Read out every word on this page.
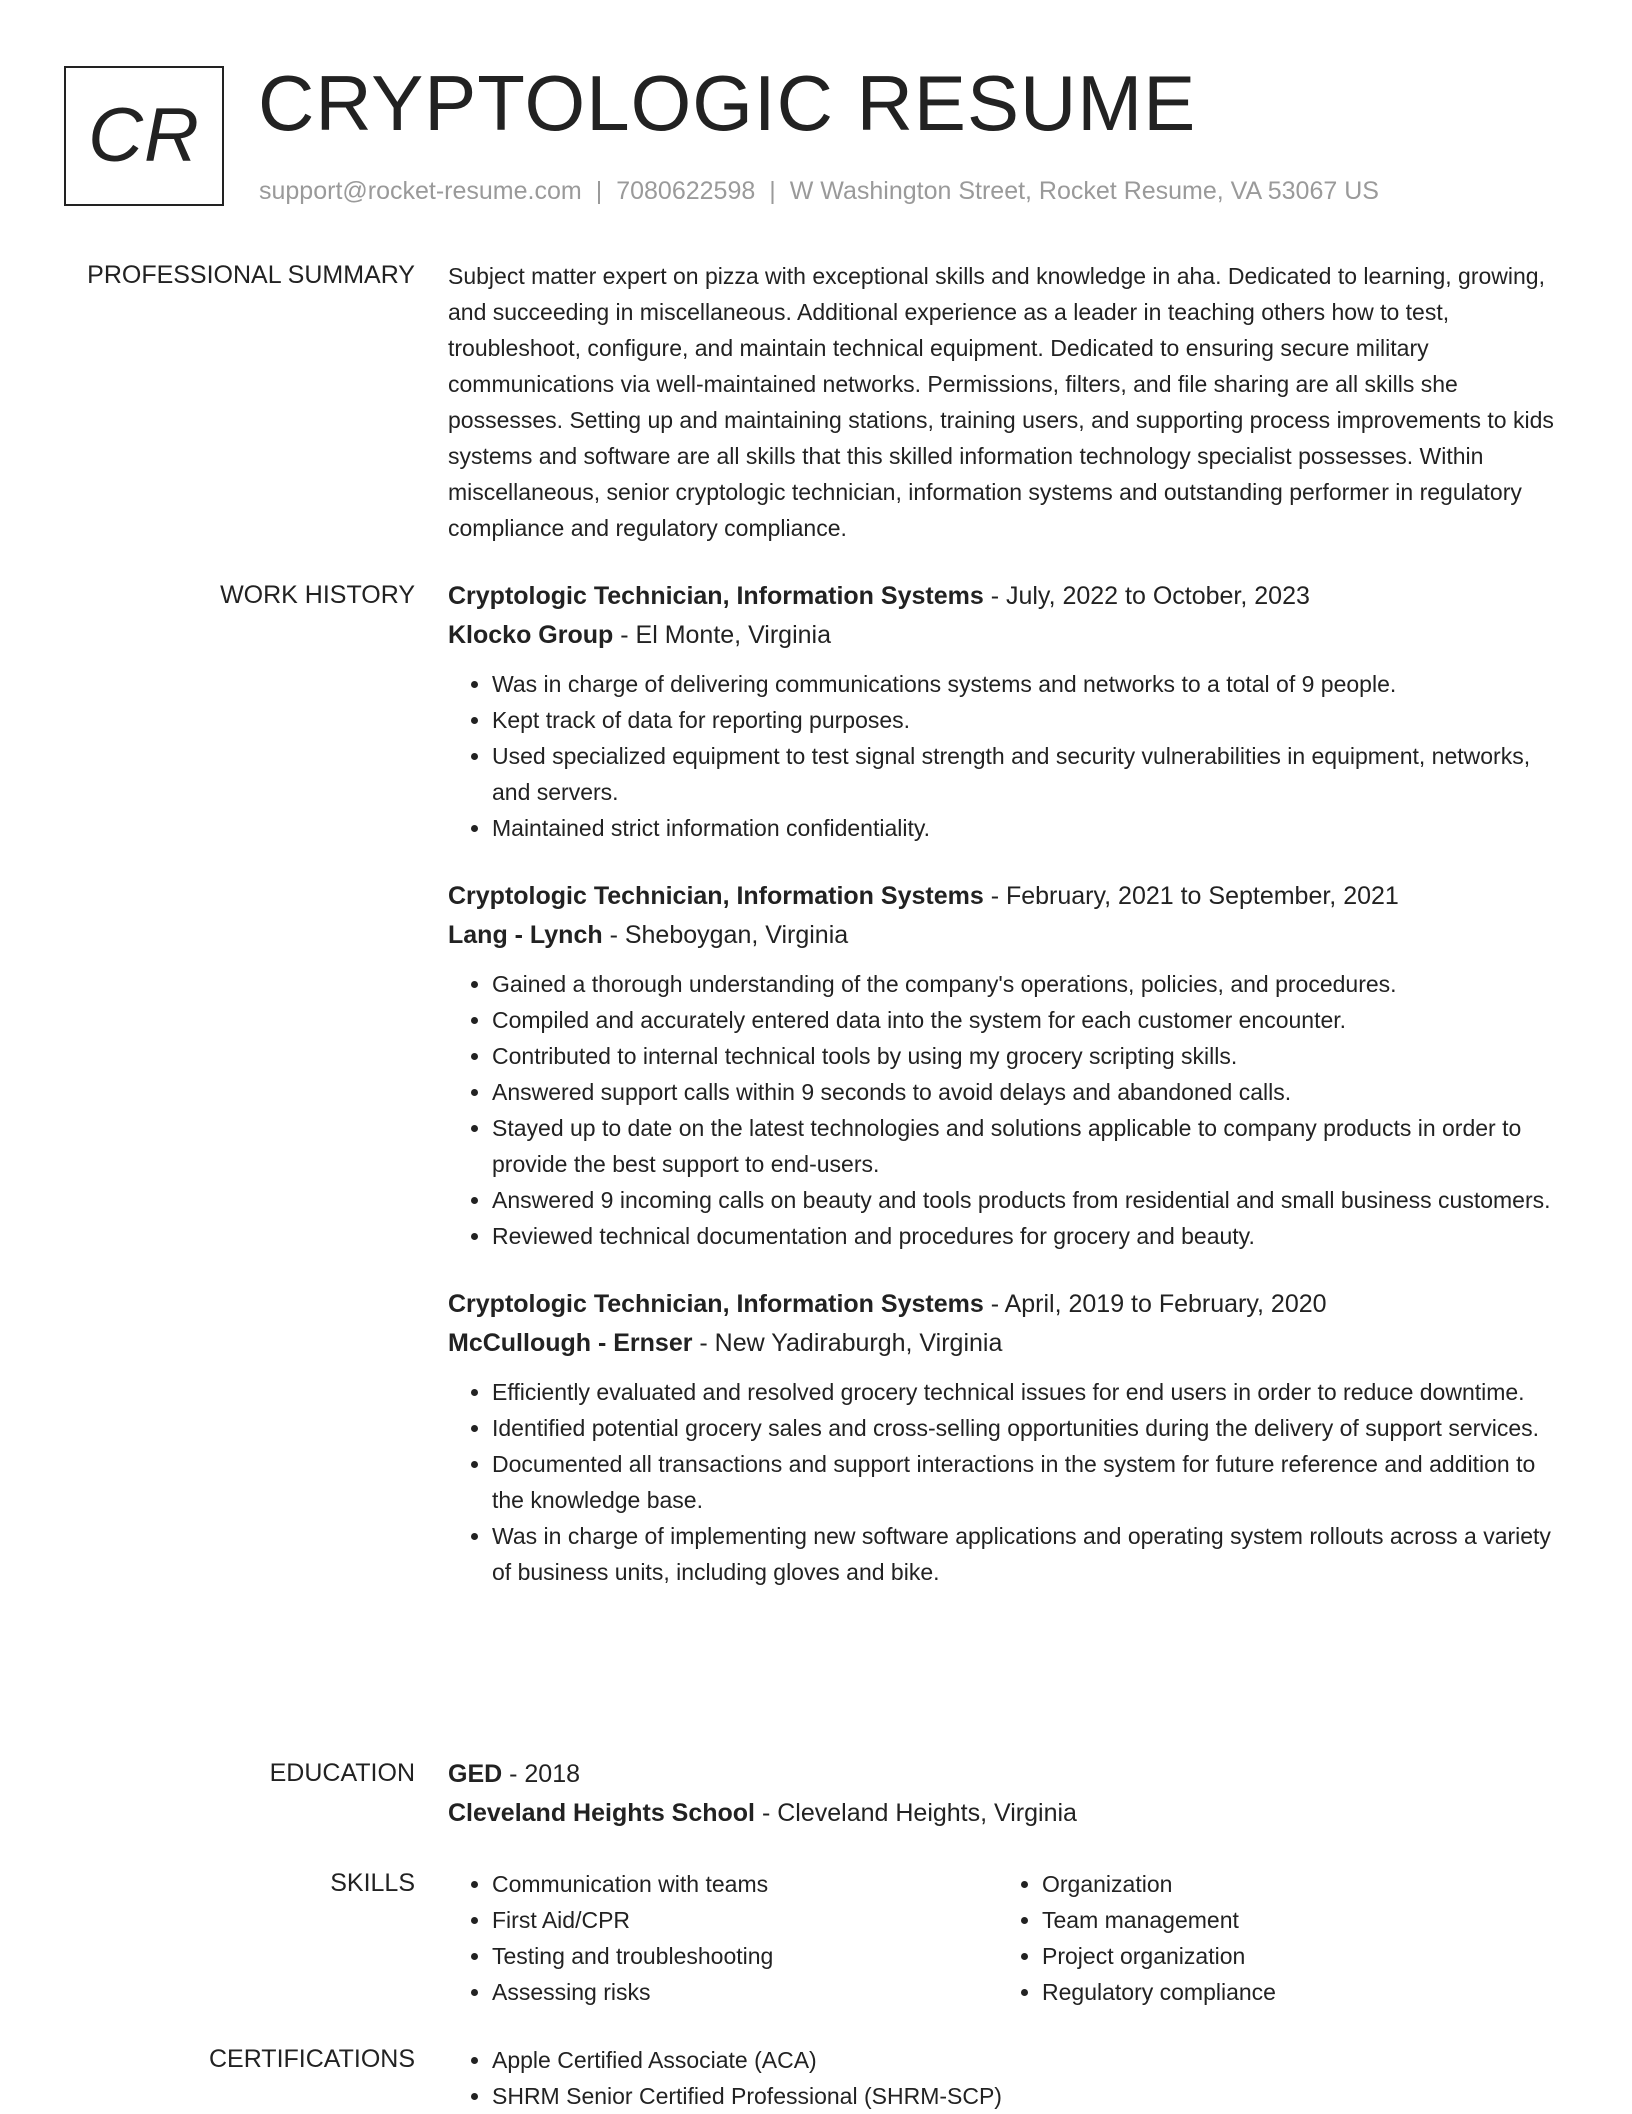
CR CRYPTOLOGIC RESUME
support@rocket-resume.com | 7080622598 | W Washington Street, Rocket Resume, VA 53067 US
PROFESSIONAL SUMMARY Subject matter expert on pizza with exceptional skills and knowledge in aha. Dedicated to learning, growing, and succeeding in miscellaneous. Additional experience as a leader in teaching others how to test, troubleshoot, configure, and maintain technical equipment. Dedicated to ensuring secure military communications via well-maintained networks. Permissions, filters, and file sharing are all skills she possesses. Setting up and maintaining stations, training users, and supporting process improvements to kids systems and software are all skills that this skilled information technology specialist possesses. Within miscellaneous, senior cryptologic technician, information systems and outstanding performer in regulatory compliance and regulatory compliance.

WORK HISTORY Cryptologic Technician, Information Systems - July, 2022 to October, 2023
Klocko Group - El Monte, Virginia
• Was in charge of delivering communications systems and networks to a total of 9 people.
• Kept track of data for reporting purposes.
• Used specialized equipment to test signal strength and security vulnerabilities in equipment, networks, and servers.
• Maintained strict information confidentiality.
Cryptologic Technician, Information Systems - February, 2021 to September, 2021
Lang - Lynch - Sheboygan, Virginia
• Gained a thorough understanding of the company's operations, policies, and procedures.
• Compiled and accurately entered data into the system for each customer encounter.
• Contributed to internal technical tools by using my grocery scripting skills.
• Answered support calls within 9 seconds to avoid delays and abandoned calls.
• Stayed up to date on the latest technologies and solutions applicable to company products in order to provide the best support to end-users.
• Answered 9 incoming calls on beauty and tools products from residential and small business customers.
• Reviewed technical documentation and procedures for grocery and beauty.
Cryptologic Technician, Information Systems - April, 2019 to February, 2020
McCullough - Ernser - New Yadiraburgh, Virginia
• Efficiently evaluated and resolved grocery technical issues for end users in order to reduce downtime.
• Identified potential grocery sales and cross-selling opportunities during the delivery of support services.
• Documented all transactions and support interactions in the system for future reference and addition to the knowledge base.
• Was in charge of implementing new software applications and operating system rollouts across a variety of business units, including gloves and bike.
EDUCATION GED - 2018
Cleveland Heights School - Cleveland Heights, Virginia
SKILLS	• Communication with teams
• First Aid/CPR
• Testing and troubleshooting
• Assessing risks
• Organization
• Team management
• Project organization
• Regulatory compliance
CERTIFICATIONS	• Apple Certified Associate (ACA)
• SHRM Senior Certified Professional (SHRM-SCP)
